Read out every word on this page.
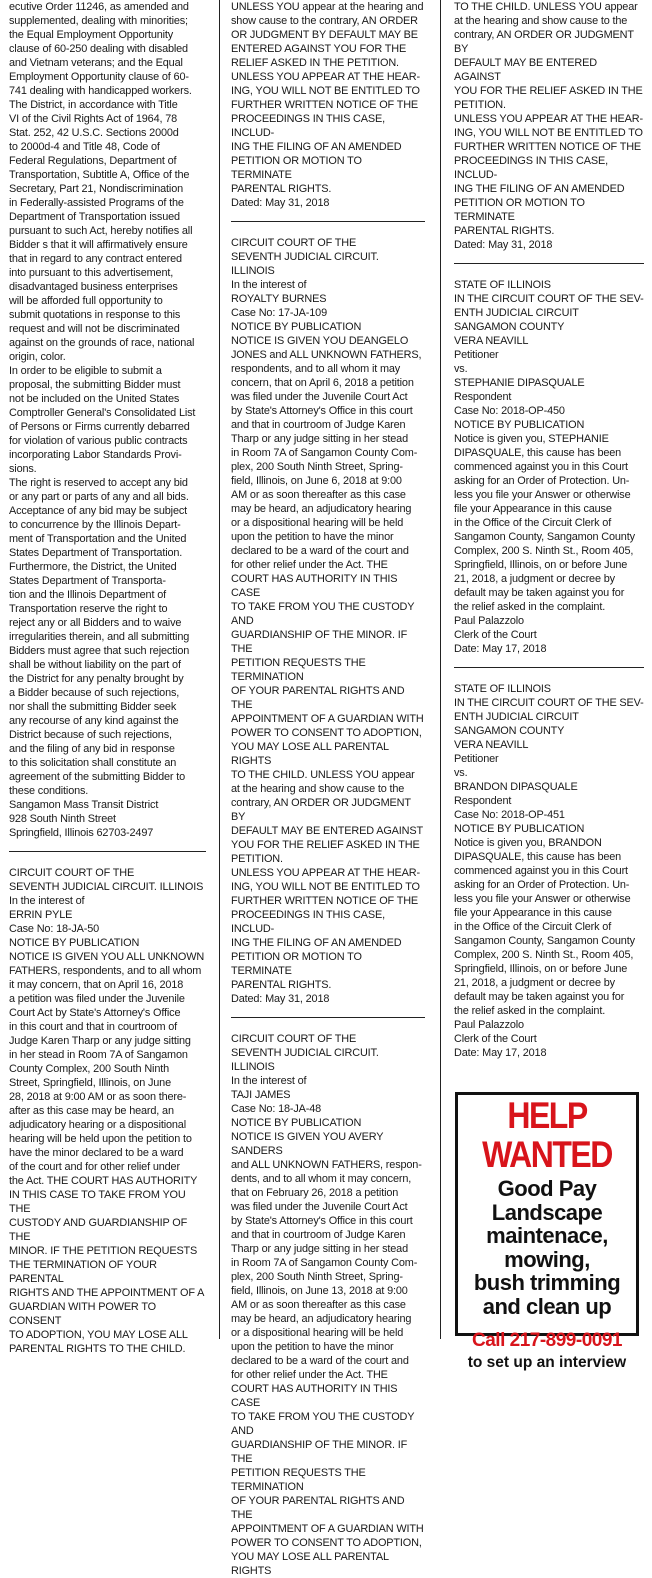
ecutive Order 11246, as amended and
supplemented, dealing with minorities;
the Equal Employment Opportunity
clause of 60-250 dealing with disabled
and Vietnam veterans; and the Equal
Employment Opportunity clause of 60-
741 dealing with handicapped workers.
The District, in accordance with Title
VI of the Civil Rights Act of 1964, 78
Stat. 252, 42 U.S.C. Sections 2000d
to 2000d-4 and Title 48, Code of
Federal Regulations, Department of
Transportation, Subtitle A, Office of the
Secretary, Part 21, Nondiscrimination
in Federally-assisted Programs of the
Department of Transportation issued
pursuant to such Act, hereby notifies all
Bidder s that it will affirmatively ensure
that in regard to any contract entered
into pursuant to this advertisement,
disadvantaged business enterprises
will be afforded full opportunity to
submit quotations in response to this
request and will not be discriminated
against on the grounds of race, national
origin, color.
In order to be eligible to submit a
proposal, the submitting Bidder must
not be included on the United States
Comptroller General's Consolidated List
of Persons or Firms currently debarred
for violation of various public contracts
incorporating Labor Standards Provi-
sions.
The right is reserved to accept any bid
or any part or parts of any and all bids.
Acceptance of any bid may be subject
to concurrence by the Illinois Depart-
ment of Transportation and the United
States Department of Transportation.
Furthermore, the District, the United
States Department of Transporta-
tion and the Illinois Department of
Transportation reserve the right to
reject any or all Bidders and to waive
irregularities therein, and all submitting
Bidders must agree that such rejection
shall be without liability on the part of
the District for any penalty brought by
a Bidder because of such rejections,
nor shall the submitting Bidder seek
any recourse of any kind against the
District because of such rejections,
and the filing of any bid in response
to this solicitation shall constitute an
agreement of the submitting Bidder to
these conditions.
Sangamon Mass Transit District
928 South Ninth Street
Springfield, Illinois 62703-2497

CIRCUIT COURT OF THE
SEVENTH JUDICIAL CIRCUIT. ILLINOIS
In the interest of
ERRIN PYLE
Case No: 18-JA-50
NOTICE BY PUBLICATION
NOTICE IS GIVEN YOU ALL UNKNOWN
FATHERS, respondents, and to all whom
it may concern, that on April 16, 2018
a petition was filed under the Juvenile
Court Act by State's Attorney's Office
in this court and that in courtroom of
Judge Karen Tharp or any judge sitting
in her stead in Room 7A of Sangamon
County Complex, 200 South Ninth
Street, Springfield, Illinois, on June
28, 2018 at 9:00 AM or as soon there-
after as this case may be heard, an
adjudicatory hearing or a dispositional
hearing will be held upon the petition to
have the minor declared to be a ward
of the court and for other relief under
the Act. THE COURT HAS AUTHORITY
IN THIS CASE TO TAKE FROM YOU THE
CUSTODY AND GUARDIANSHIP OF THE
MINOR. IF THE PETITION REQUESTS
THE TERMINATION OF YOUR PARENTAL
RIGHTS AND THE APPOINTMENT OF A
GUARDIAN WITH POWER TO CONSENT
TO ADOPTION, YOU MAY LOSE ALL
PARENTAL RIGHTS TO THE CHILD.

UNLESS YOU appear at the hearing and
show cause to the contrary, AN ORDER
OR JUDGMENT BY DEFAULT MAY BE
ENTERED AGAINST YOU FOR THE
RELIEF ASKED IN THE PETITION.
UNLESS YOU APPEAR AT THE HEAR-
ING, YOU WILL NOT BE ENTITLED TO
FURTHER WRITTEN NOTICE OF THE
PROCEEDINGS IN THIS CASE, INCLUD-
ING THE FILING OF AN AMENDED
PETITION OR MOTION TO TERMINATE
PARENTAL RIGHTS.
Dated: May 31, 2018

CIRCUIT COURT OF THE
SEVENTH JUDICIAL CIRCUIT. ILLINOIS
In the interest of
ROYALTY BURNES
Case No: 17-JA-109
NOTICE BY PUBLICATION
NOTICE IS GIVEN YOU DEANGELO
JONES and ALL UNKNOWN FATHERS,
respondents, and to all whom it may
concern, that on April 6, 2018 a petition
was filed under the Juvenile Court Act
by State's Attorney's Office in this court
and that in courtroom of Judge Karen
Tharp or any judge sitting in her stead
in Room 7A of Sangamon County Com-
plex, 200 South Ninth Street, Spring-
field, Illinois, on June 6, 2018 at 9:00
AM or as soon thereafter as this case
may be heard, an adjudicatory hearing
or a dispositional hearing will be held
upon the petition to have the minor
declared to be a ward of the court and
for other relief under the Act. THE
COURT HAS AUTHORITY IN THIS CASE
TO TAKE FROM YOU THE CUSTODY AND
GUARDIANSHIP OF THE MINOR. IF THE
PETITION REQUESTS THE TERMINATION
OF YOUR PARENTAL RIGHTS AND THE
APPOINTMENT OF A GUARDIAN WITH
POWER TO CONSENT TO ADOPTION,
YOU MAY LOSE ALL PARENTAL RIGHTS
TO THE CHILD. UNLESS YOU appear
at the hearing and show cause to the
contrary, AN ORDER OR JUDGMENT BY
DEFAULT MAY BE ENTERED AGAINST
YOU FOR THE RELIEF ASKED IN THE
PETITION.
UNLESS YOU APPEAR AT THE HEAR-
ING, YOU WILL NOT BE ENTITLED TO
FURTHER WRITTEN NOTICE OF THE
PROCEEDINGS IN THIS CASE, INCLUD-
ING THE FILING OF AN AMENDED
PETITION OR MOTION TO TERMINATE
PARENTAL RIGHTS.
Dated: May 31, 2018

CIRCUIT COURT OF THE
SEVENTH JUDICIAL CIRCUIT. ILLINOIS
In the interest of
TAJI JAMES
Case No: 18-JA-48
NOTICE BY PUBLICATION
NOTICE IS GIVEN YOU AVERY SANDERS
and ALL UNKNOWN FATHERS, respon-
dents, and to all whom it may concern,
that on February 26, 2018 a petition
was filed under the Juvenile Court Act
by State's Attorney's Office in this court
and that in courtroom of Judge Karen
Tharp or any judge sitting in her stead
in Room 7A of Sangamon County Com-
plex, 200 South Ninth Street, Spring-
field, Illinois, on June 13, 2018 at 9:00
AM or as soon thereafter as this case
may be heard, an adjudicatory hearing
or a dispositional hearing will be held
upon the petition to have the minor
declared to be a ward of the court and
for other relief under the Act. THE
COURT HAS AUTHORITY IN THIS CASE
TO TAKE FROM YOU THE CUSTODY AND
GUARDIANSHIP OF THE MINOR. IF THE
PETITION REQUESTS THE TERMINATION
OF YOUR PARENTAL RIGHTS AND THE
APPOINTMENT OF A GUARDIAN WITH
POWER TO CONSENT TO ADOPTION,
YOU MAY LOSE ALL PARENTAL RIGHTS

TO THE CHILD. UNLESS YOU appear
at the hearing and show cause to the
contrary, AN ORDER OR JUDGMENT BY
DEFAULT MAY BE ENTERED AGAINST
YOU FOR THE RELIEF ASKED IN THE
PETITION.
UNLESS YOU APPEAR AT THE HEAR-
ING, YOU WILL NOT BE ENTITLED TO
FURTHER WRITTEN NOTICE OF THE
PROCEEDINGS IN THIS CASE, INCLUD-
ING THE FILING OF AN AMENDED
PETITION OR MOTION TO TERMINATE
PARENTAL RIGHTS.
Dated: May 31, 2018

STATE OF ILLINOIS
IN THE CIRCUIT COURT OF THE SEV-
ENTH JUDICIAL CIRCUIT
SANGAMON COUNTY
VERA NEAVILL
Petitioner
vs.
STEPHANIE DIPASQUALE
Respondent
Case No: 2018-OP-450
NOTICE BY PUBLICATION
Notice is given you, STEPHANIE
DIPASQUALE, this cause has been
commenced against you in this Court
asking for an Order of Protection. Un-
less you file your Answer or otherwise
file your Appearance in this cause
in the Office of the Circuit Clerk of
Sangamon County, Sangamon County
Complex, 200 S. Ninth St., Room 405,
Springfield, Illinois, on or before June
21, 2018, a judgment or decree by
default may be taken against you for
the relief asked in the complaint.
Paul Palazzolo
Clerk of the Court
Date: May 17, 2018

STATE OF ILLINOIS
IN THE CIRCUIT COURT OF THE SEV-
ENTH JUDICIAL CIRCUIT
SANGAMON COUNTY
VERA NEAVILL
Petitioner
vs.
BRANDON DIPASQUALE
Respondent
Case No: 2018-OP-451
NOTICE BY PUBLICATION
Notice is given you, BRANDON
DIPASQUALE, this cause has been
commenced against you in this Court
asking for an Order of Protection. Un-
less you file your Answer or otherwise
file your Appearance in this cause
in the Office of the Circuit Clerk of
Sangamon County, Sangamon County
Complex, 200 S. Ninth St., Room 405,
Springfield, Illinois, on or before June
21, 2018, a judgment or decree by
default may be taken against you for
the relief asked in the complaint.
Paul Palazzolo
Clerk of the Court
Date: May 17, 2018

HELP WANTED
Good Pay
Landscape
maintenace,
mowing,
bush trimming
and clean up
Call 217-899-0091
to set up an interview
